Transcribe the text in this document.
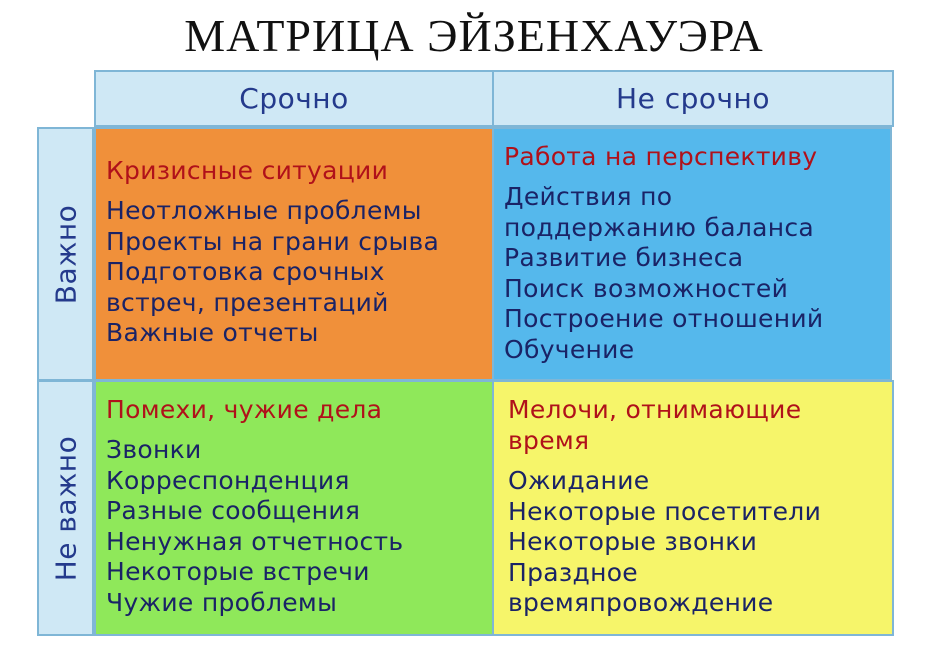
МАТРИЦА ЭЙЗЕНХАУЭРА
Срочно	Не срочно
Важно
Не важно
Кризисные ситуации
Неотложные проблемы
Проекты на грани срыва
Подготовка срочных
встреч, презентаций
Важные отчеты
Работа на перспективу
Действия по
поддержанию баланса
Развитие бизнеса
Поиск возможностей
Построение отношений
Обучение
Помехи, чужие дела
Звонки
Корреспонденция
Разные сообщения
Ненужная отчетность
Некоторые встречи
Чужие проблемы
Мелочи, отнимающие
время
Ожидание
Некоторые посетители
Некоторые звонки
Праздное
времяпровождение
